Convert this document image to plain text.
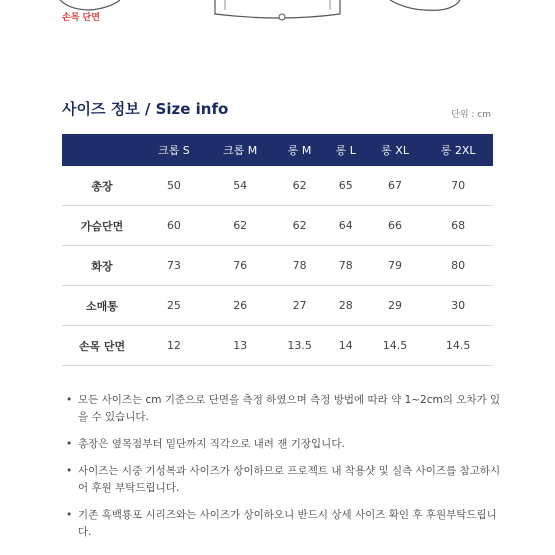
손목 단면
사이즈 정보 / Size info	단위 : cm
	크롭 S	크롭 M	롱 M	롱 L	롱 XL	롱 2XL
총장	50	54	62	65	67	70
가슴단면	60	62	62	64	66	68
화장	73	76	78	78	79	80
소매통	25	26	27	28	29	30
손목 단면	12	13	13.5	14	14.5	14.5
• 모든 사이즈는 cm 기준으로 단면을 측정 하였으며 측정 방법에 따라 약 1~2cm의 오차가 있을 수 있습니다.
• 총장은 옆목점부터 밑단까지 직각으로 내려 잰 기장입니다.
• 사이즈는 시중 기성복과 사이즈가 상이하므로 프로젝트 내 착용샷 및 실측 사이즈를 참고하시어 후원 부탁드립니다.
• 기존 흑백룡포 시리즈와는 사이즈가 상이하오니 반드시 상세 사이즈 확인 후 후원부탁드립니다.
